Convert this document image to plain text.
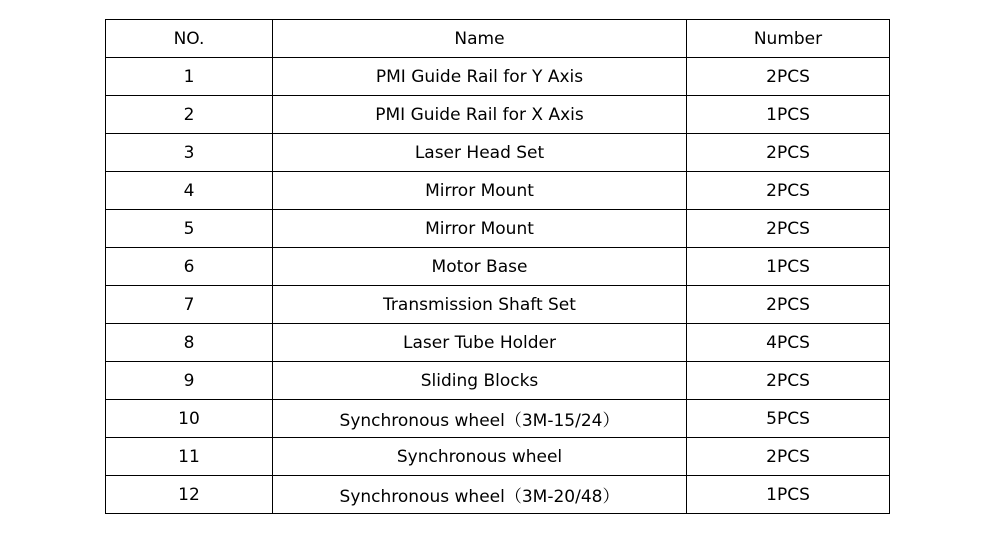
NO.	Name	Number
1	PMI Guide Rail for Y Axis	2PCS
2	PMI Guide Rail for X Axis	1PCS
3	Laser Head Set	2PCS
4	Mirror Mount	2PCS
5	Mirror Mount	2PCS
6	Motor Base	1PCS
7	Transmission Shaft Set	2PCS
8	Laser Tube Holder	4PCS
9	Sliding Blocks	2PCS
10	Synchronous wheel（3M-15/24）	5PCS
11	Synchronous wheel	2PCS
12	Synchronous wheel（3M-20/48）	1PCS
